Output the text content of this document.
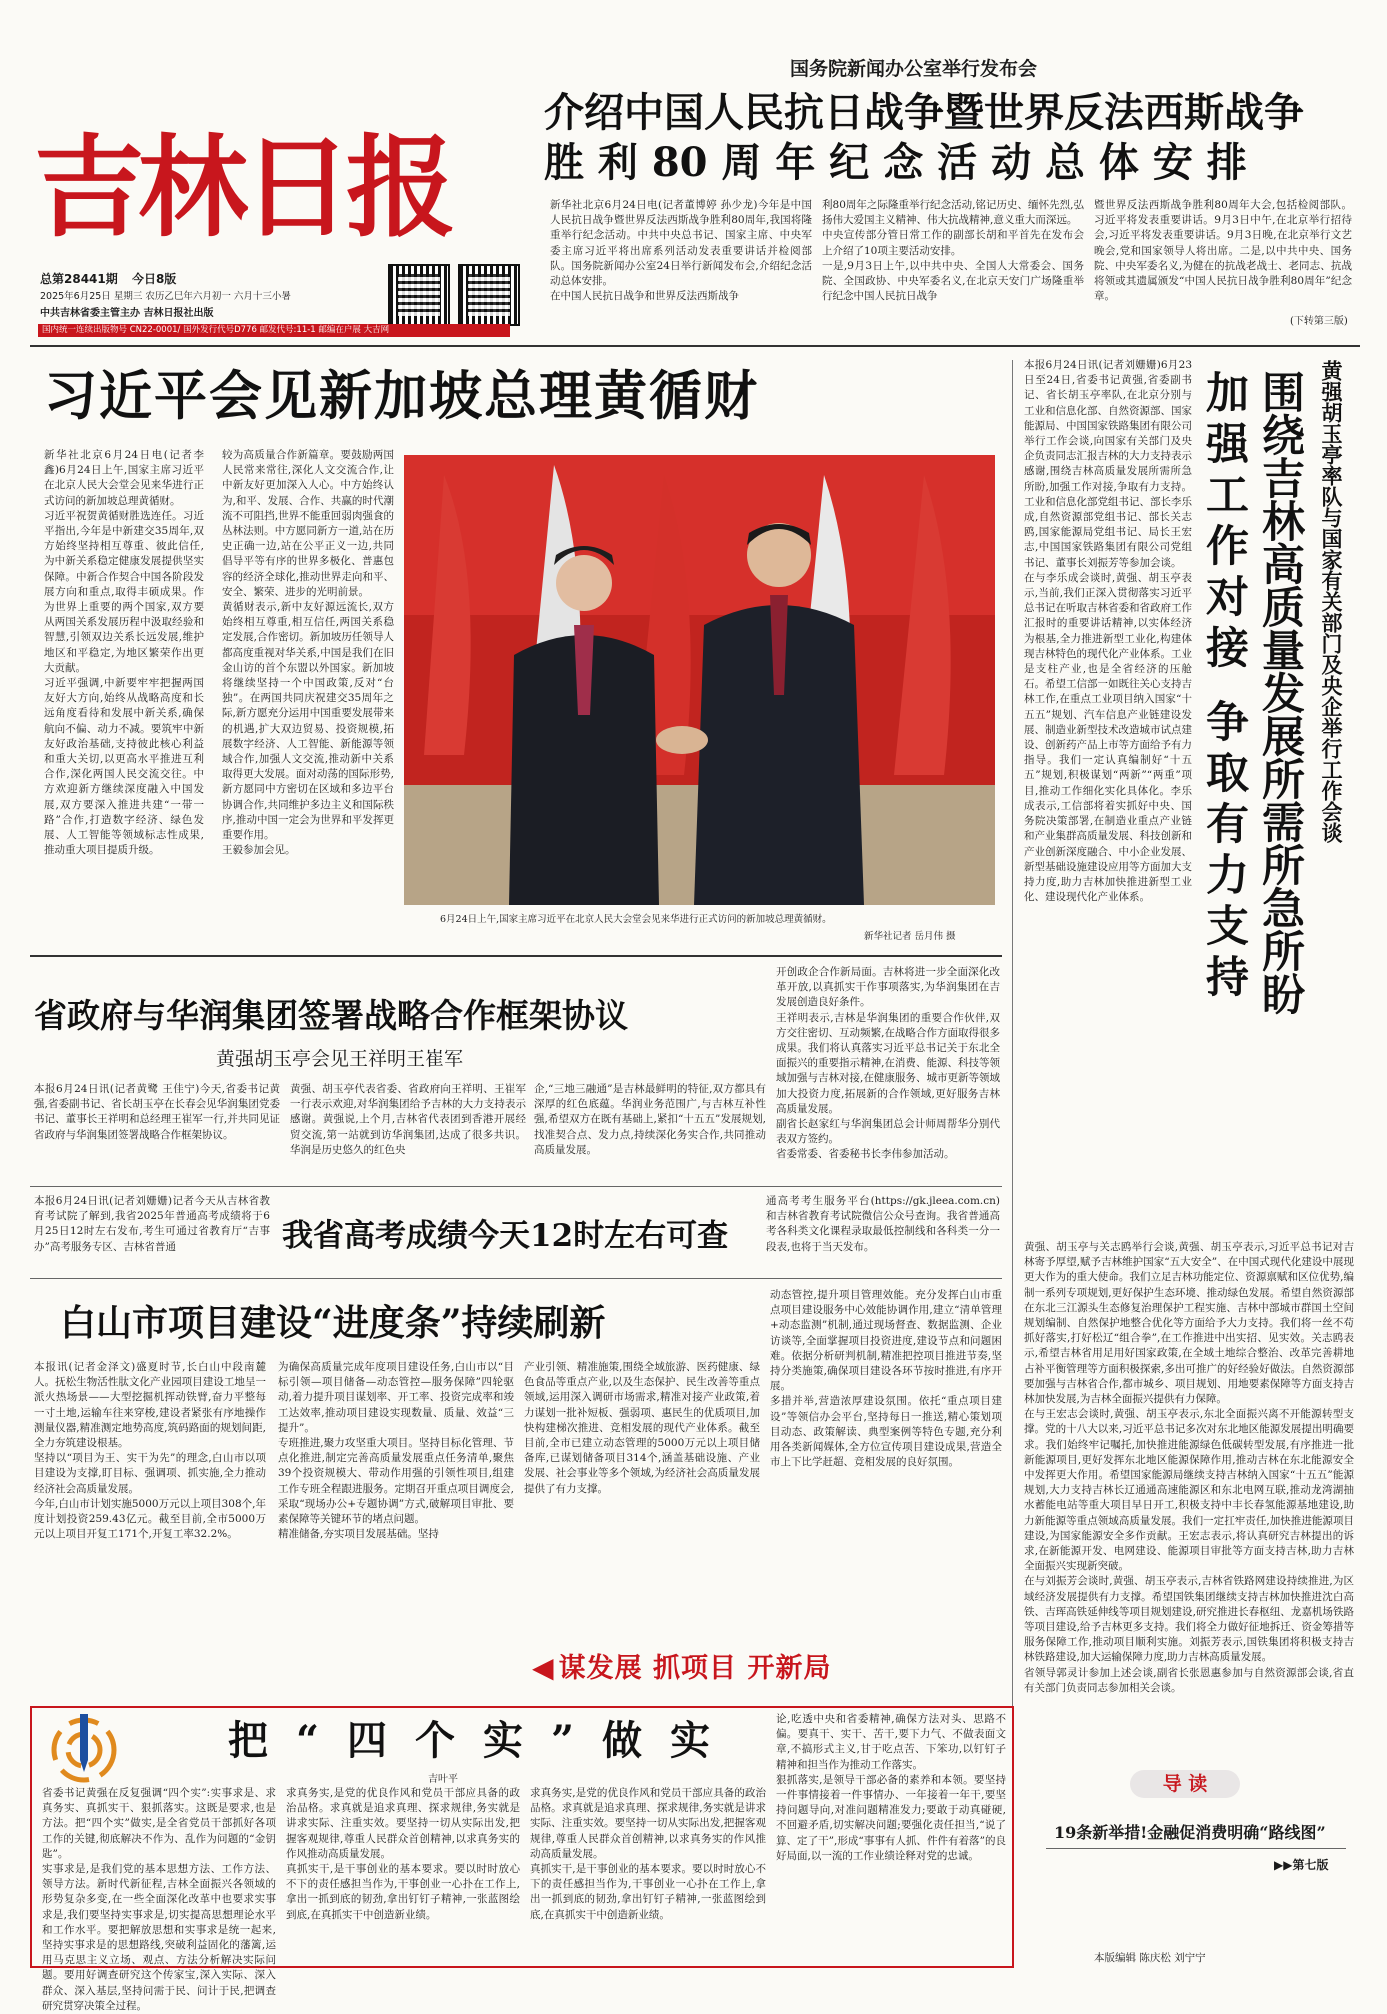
吉林日报
总第28441期 今日8版
2025年6月25日 星期三 农历乙巳年六月初一 六月十三小暑
中共吉林省委主管主办 吉林日报社出版
国内统一连续出版物号 CN22-0001/ 国外发行代号D776 邮发代号:11-1 邮编在户展 大吉网
国务院新闻办公室举行发布会
介绍中国人民抗日战争暨世界反法西斯战争
胜 利 80 周 年 纪 念 活 动 总 体 安 排
新华社北京6月24日电(记者董博婷 孙少龙)今年是中国人民抗日战争暨世界反法西斯战争胜利80周年,我国将隆重举行纪念活动。中共中央总书记、国家主席、中央军委主席习近平将出席系列活动发表重要讲话并检阅部队。国务院新闻办公室24日举行新闻发布会,介绍纪念活动总体安排。
在中国人民抗日战争和世界反法西斯战争
利80周年之际隆重举行纪念活动,铭记历史、缅怀先烈,弘扬伟大爱国主义精神、伟大抗战精神,意义重大而深远。
中央宣传部分管日常工作的副部长胡和平首先在发布会上介绍了10项主要活动安排。
一是,9月3日上午,以中共中央、全国人大常委会、国务院、全国政协、中央军委名义,在北京天安门广场隆重举行纪念中国人民抗日战争
暨世界反法西斯战争胜利80周年大会,包括检阅部队。习近平将发表重要讲话。9月3日中午,在北京举行招待会,习近平将发表重要讲话。9月3日晚,在北京举行文艺晚会,党和国家领导人将出席。二是,以中共中央、国务院、中央军委名义,为健在的抗战老战士、老同志、抗战将领或其遗属颁发“中国人民抗日战争胜利80周年”纪念章。
(下转第三版)
习近平会见新加坡总理黄循财
新华社北京6月24日电(记者李鑫)6月24日上午,国家主席习近平在北京人民大会堂会见来华进行正式访问的新加坡总理黄循财。
习近平祝贺黄循财胜选连任。习近平指出,今年是中新建交35周年,双方始终坚持相互尊重、彼此信任,为中新关系稳定健康发展提供坚实保障。中新合作契合中国各阶段发展方向和重点,取得丰硕成果。作为世界上重要的两个国家,双方要从两国关系发展历程中汲取经验和智慧,引领双边关系长远发展,维护地区和平稳定,为地区繁荣作出更大贡献。
习近平强调,中新要牢牢把握两国友好大方向,始终从战略高度和长远角度看待和发展中新关系,确保航向不偏、动力不减。要筑牢中新友好政治基础,支持彼此核心利益和重大关切,以更高水平推进互利合作,深化两国人民交流交往。中方欢迎新方继续深度融入中国发展,双方要深入推进共建“一带一路”合作,打造数字经济、绿色发展、人工智能等领域标志性成果,推动重大项目提质升级。
较为高质量合作新篇章。要鼓励两国人民常来常往,深化人文交流合作,让中新友好更加深入人心。中方始终认为,和平、发展、合作、共赢的时代潮流不可阻挡,世界不能重回弱肉强食的丛林法则。中方愿同新方一道,站在历史正确一边,站在公平正义一边,共同倡导平等有序的世界多极化、普惠包容的经济全球化,推动世界走向和平、安全、繁荣、进步的光明前景。
黄循财表示,新中友好源远流长,双方始终相互尊重,相互信任,两国关系稳定发展,合作密切。新加坡历任领导人都高度重视对华关系,中国是我们在旧金山访的首个东盟以外国家。新加坡将继续坚持一个中国政策,反对“台独”。在两国共同庆祝建交35周年之际,新方愿充分运用中国重要发展带来的机遇,扩大双边贸易、投资规模,拓展数字经济、人工智能、新能源等领域合作,加强人文交流,推动新中关系取得更大发展。面对动荡的国际形势,新方愿同中方密切在区域和多边平台协调合作,共同维护多边主义和国际秩序,推动中国一定会为世界和平发挥更重要作用。
王毅参加会见。
6月24日上午,国家主席习近平在北京人民大会堂会见来华进行正式访问的新加坡总理黄循财。
新华社记者 岳月伟 摄
本报6月24日讯(记者刘姗姗)6月23日至24日,省委书记黄强,省委副书记、省长胡玉亭率队,在北京分别与工业和信息化部、自然资源部、国家能源局、中国国家铁路集团有限公司举行工作会谈,向国家有关部门及央企负责同志汇报吉林的大力支持表示感谢,围绕吉林高质量发展所需所急所盼,加强工作对接,争取有力支持。工业和信息化部党组书记、部长李乐成,自然资源部党组书记、部长关志鸥,国家能源局党组书记、局长王宏志,中国国家铁路集团有限公司党组书记、董事长刘振芳等参加会谈。
在与李乐成会谈时,黄强、胡玉亭表示,当前,我们正深入贯彻落实习近平总书记在听取吉林省委和省政府工作汇报时的重要讲话精神,以实体经济为根基,全力推进新型工业化,构建体现吉林特色的现代化产业体系。工业是支柱产业,也是全省经济的压舱石。希望工信部一如既往关心支持吉林工作,在重点工业项目纳入国家“十五五”规划、汽车信息产业链建设发展、制造业新型技术改造城市试点建设、创新药产品上市等方面给予有力指导。我们一定认真编制好“十五五”规划,积极谋划“两新”“两重”项目,推动工作细化实化具体化。李乐成表示,工信部将着实抓好中央、国务院决策部署,在制造业重点产业链和产业集群高质量发展、科技创新和产业创新深度融合、中小企业发展、新型基础设施建设应用等方面加大支持力度,助力吉林加快推进新型工业化、建设现代化产业体系。
黄强胡玉亭率队与国家有关部门及央企举行工作会谈
围绕吉林高质量发展所需所急所盼
加强工作对接 争取有力支持
黄强、胡玉亭与关志鸥举行会谈,黄强、胡玉亭表示,习近平总书记对吉林寄予厚望,赋予吉林维护国家“五大安全”、在中国式现代化建设中展现更大作为的重大使命。我们立足吉林功能定位、资源禀赋和区位优势,编制一系列专项规划,更好保护生态环境、推动绿色发展。希望自然资源部在东北三江源头生态修复治理保护工程实施、吉林中部城市群国土空间规划编制、自然保护地整合优化等方面给予大力支持。我们将一丝不苟抓好落实,打好松辽“组合拳”,在工作推进中出实招、见实效。关志鸥表示,希望吉林省用足用好国家政策,在全域土地综合整治、改革完善耕地占补平衡管理等方面积极探索,多出可推广的好经验好做法。自然资源部要加强与吉林省合作,都市城乡、项目规划、用地要素保障等方面支持吉林加快发展,为吉林全面振兴提供有力保障。
在与王宏志会谈时,黄强、胡玉亭表示,东北全面振兴离不开能源转型支撑。党的十八大以来,习近平总书记多次对东北地区能源发展提出明确要求。我们始终牢记嘱托,加快推进能源绿色低碳转型发展,有序推进一批新能源项目,更好发挥东北地区能源保障作用,推动吉林在东北能源安全中发挥更大作用。希望国家能源局继续支持吉林纳入国家“十五五”能源规划,大力支持吉林长辽通通高速能源区和东北电网互联,推动龙湾湖抽水蓄能电站等重大项目早日开工,积极支持中丰长春氢能源基地建设,助力新能源等重点领域高质量发展。我们一定扛牢责任,加快推进能源项目建设,为国家能源安全多作贡献。王宏志表示,将认真研究吉林提出的诉求,在新能源开发、电网建设、能源项目审批等方面支持吉林,助力吉林全面振兴实现新突破。
在与刘振芳会谈时,黄强、胡玉亭表示,吉林省铁路网建设持续推进,为区域经济发展提供有力支撑。希望国铁集团继续支持吉林加快推进沈白高铁、吉珲高铁延伸线等项目规划建设,研究推进长春枢纽、龙嘉机场铁路等项目建设,给予吉林更多支持。我们将全力做好征地拆迁、资金筹措等服务保障工作,推动项目顺利实施。刘振芳表示,国铁集团将积极支持吉林铁路建设,加大运输保障力度,助力吉林高质量发展。
省领导郭灵计参加上述会谈,副省长张恩惠参加与自然资源部会谈,省直有关部门负责同志参加相关会谈。
省政府与华润集团签署战略合作框架协议
黄强胡玉亭会见王祥明王崔军
本报6月24日讯(记者黄鹭 王佳宁)今天,省委书记黄强,省委副书记、省长胡玉亭在长春会见华润集团党委书记、董事长王祥明和总经理王崔军一行,并共同见证省政府与华润集团签署战略合作框架协议。
黄强、胡玉亭代表省委、省政府向王祥明、王崔军一行表示欢迎,对华润集团给予吉林的大力支持表示感谢。黄强说,上个月,吉林省代表团到香港开展经贸交流,第一站就到访华润集团,达成了很多共识。华润是历史悠久的红色央
企,“三地三融通”是吉林最鲜明的特征,双方都具有深厚的红色底蕴。华润业务范围广,与吉林互补性强,希望双方在既有基础上,紧扣“十五五”发展规划,找准契合点、发力点,持续深化务实合作,共同推动高质量发展。
开创政企合作新局面。吉林将进一步全面深化改革开放,以真抓实干作事项落实,为华润集团在吉发展创造良好条件。
王祥明表示,吉林是华润集团的重要合作伙伴,双方交往密切、互动频繁,在战略合作方面取得很多成果。我们将认真落实习近平总书记关于东北全面振兴的重要指示精神,在消费、能源、科技等领域加强与吉林对接,在健康服务、城市更新等领域加大投资力度,拓展新的合作领域,更好服务吉林高质量发展。
副省长赵家红与华润集团总会计师周帮华分别代表双方签约。
省委常委、省委秘书长李伟参加活动。
本报6月24日讯(记者刘姗姗)记者今天从吉林省教育考试院了解到,我省2025年普通高考成绩将于6月25日12时左右发布,考生可通过省教育厅“吉事办”高考服务专区、吉林省普通	我省高考成绩今天12时左右可查
通高考考生服务平台(https://gk.jleea.com.cn)和吉林省教育考试院微信公众号查询。我省普通高考各科类文化课程录取最低控制线和各科类一分一段表,也将于当天发布。
白山市项目建设“进度条”持续刷新
本报讯(记者金泽文)盛夏时节,长白山中段南麓人。抚松生物活性肽文化产业园项目建设工地呈一派火热场景——大型挖掘机挥动铁臂,奋力平整每一寸土地,运输车往来穿梭,建设者紧张有序地操作测量仪器,精准测定地势高度,筑码路面的规划间距,全力夯筑建设根基。
坚持以“项目为王、实干为先”的理念,白山市以项目建设为支撑,盯目标、强调项、抓实施,全力推动经济社会高质量发展。
今年,白山市计划实施5000万元以上项目308个,年度计划投资259.43亿元。截至目前,全市5000万元以上项目开复工171个,开复工率32.2%。
为确保高质量完成年度项目建设任务,白山市以“目标引领—项目储备—动态管控—服务保障”四轮驱动,着力提升项目谋划率、开工率、投资完成率和竣工达效率,推动项目建设实现数量、质量、效益“三提升”。
专班推进,聚力攻坚重大项目。坚持目标化管理、节点化推进,制定完善高质量发展重点任务清单,聚焦39个投资规模大、带动作用强的引领性项目,组建工作专班全程跟进服务。定期召开重点项目调度会,采取“现场办公+专题协调”方式,破解项目审批、要素保障等关键环节的堵点问题。
精准储备,夯实项目发展基础。坚持
产业引领、精准施策,围绕全域旅游、医药健康、绿色食品等重点产业,以及生态保护、民生改善等重点领域,运用深入调研市场需求,精准对接产业政策,着力谋划一批补短板、强弱项、惠民生的优质项目,加快构建梯次推进、竞相发展的现代产业体系。截至目前,全市已建立动态管理的5000万元以上项目储备库,已谋划储备项目314个,涵盖基础设施、产业发展、社会事业等多个领域,为经济社会高质量发展提供了有力支撑。
动态管控,提升项目管理效能。充分发挥白山市重点项目建设服务中心效能协调作用,建立“清单管理+动态监测”机制,通过现场督查、数据监测、企业访谈等,全面掌握项目投资进度,建设节点和问题困难。依据分析研判机制,精准把控项目推进节奏,坚持分类施策,确保项目建设各环节按时推进,有序开展。
多措并举,营造浓厚建设氛围。依托“重点项目建设”等领信办会平台,坚持每日一推送,精心策划项目动态、政策解读、典型案例等特色专题,充分利用各类新闻媒体,全方位宣传项目建设成果,营造全市上下比学赶超、竞相发展的良好氛围。
◀ 谋发展 抓项目 开新局
把“四个实”做实
吉叶平
省委书记黄强在反复强调“四个实”:实事求是、求真务实、真抓实干、狠抓落实。这既是要求,也是方法。把“四个实”做实,是全省党员干部抓好各项工作的关键,彻底解决不作为、乱作为问题的“金钥匙”。
实事求是,是我们党的基本思想方法、工作方法、领导方法。新时代新征程,吉林全面振兴各领域的形势复杂多变,在一些全面深化改革中也要求实事求是,我们要坚持实事求是,切实提高思想理论水平和工作水平。要把解放思想和实事求是统一起来,坚持实事求是的思想路线,突破利益固化的藩篱,运用马克思主义立场、观点、方法分析解决实际问题。要用好调查研究这个传家宝,深入实际、深入群众、深入基层,坚持问需于民、问计于民,把调查研究贯穿决策全过程。
求真务实,是党的优良作风和党员干部应具备的政治品格。求真就是追求真理、探求规律,务实就是讲求实际、注重实效。要坚持一切从实际出发,把握客观规律,尊重人民群众首创精神,以求真务实的作风推动高质量发展。
真抓实干,是干事创业的基本要求。要以时时放心不下的责任感担当作为,干事创业一心扑在工作上,拿出一抓到底的韧劲,拿出钉钉子精神,一张蓝图绘到底,在真抓实干中创造新业绩。
求真务实,是党的优良作风和党员干部应具备的政治品格。求真就是追求真理、探求规律,务实就是讲求实际、注重实效。要坚持一切从实际出发,把握客观规律,尊重人民群众首创精神,以求真务实的作风推动高质量发展。
真抓实干,是干事创业的基本要求。要以时时放心不下的责任感担当作为,干事创业一心扑在工作上,拿出一抓到底的韧劲,拿出钉钉子精神,一张蓝图绘到底,在真抓实干中创造新业绩。
论,吃透中央和省委精神,确保方法对头、思路不偏。要真干、实干、苦干,要下力气、不做表面文章,不搞形式主义,甘于吃点苦、下笨功,以钉钉子精神和担当作为推动工作落实。
狠抓落实,是领导干部必备的素养和本领。要坚持一件事情接着一件事情办、一年接着一年干,要坚持问题导向,对准问题精准发力;要敢于动真碰硬,不回避矛盾,切实解决问题;要强化责任担当,“说了算、定了干”,形成“事事有人抓、件件有着落”的良好局面,以一流的工作业绩诠释对党的忠诚。
导 读
19条新举措!金融促消费明确“路线图”
▶▶第七版
本版编辑 陈庆松 刘宁宁
